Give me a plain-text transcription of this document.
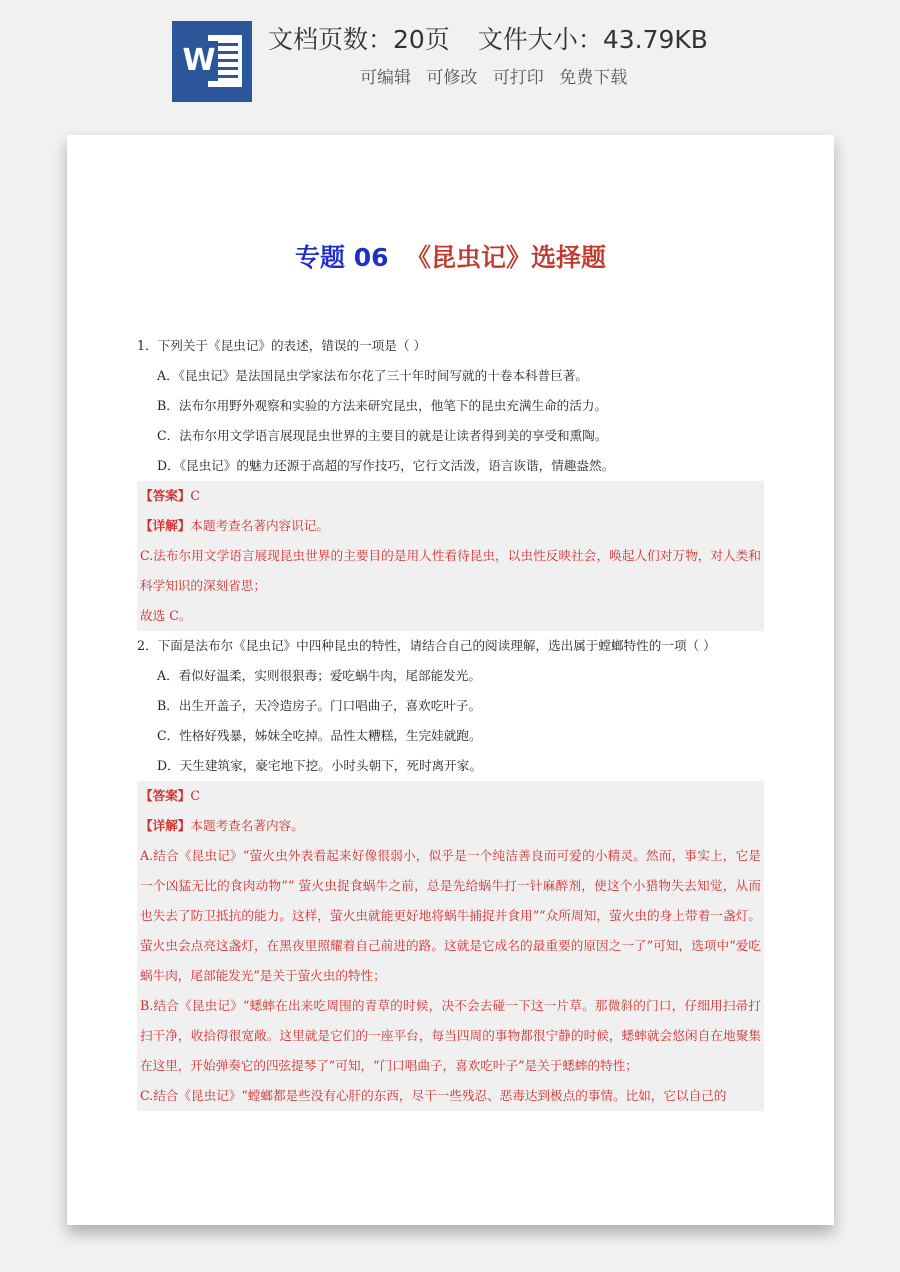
W
文档页数：20页 文件大小：43.79KB
可编辑 可修改 可打印 免费下载
专题 06 《昆虫记》选择题
1．下列关于《昆虫记》的表述，错误的一项是（ ）
A．《昆虫记》是法国昆虫学家法布尔花了三十年时间写就的十卷本科普巨著。
B．法布尔用野外观察和实验的方法来研究昆虫，他笔下的昆虫充满生命的活力。
C．法布尔用文学语言展现昆虫世界的主要目的就是让读者得到美的享受和熏陶。
D．《昆虫记》的魅力还源于高超的写作技巧，它行文活泼，语言诙谐，情趣盎然。
【答案】C
【详解】本题考查名著内容识记。
C.法布尔用文学语言展现昆虫世界的主要目的是用人性看待昆虫，以虫性反映社会，唤起人们对万物，对人类和科学知识的深刻省思；
故选 C。
2．下面是法布尔《昆虫记》中四种昆虫的特性，请结合自己的阅读理解，选出属于螳螂特性的一项（ ）
A．看似好温柔，实则很狠毒；爱吃蜗牛肉，尾部能发光。
B．出生开盖子，天冷造房子。门口唱曲子，喜欢吃叶子。
C．性格好残暴，姊妹全吃掉。品性太糟糕，生完娃就跑。
D．天生建筑家，豪宅地下挖。小时头朝下，死时离开家。
【答案】C
【详解】本题考查名著内容。
A.结合《昆虫记》“萤火虫外表看起来好像很弱小，似乎是一个纯洁善良而可爱的小精灵。然而，事实上，它是一个凶猛无比的食肉动物”“ 萤火虫捉食蜗牛之前，总是先给蜗牛打一针麻醉剂，使这个小猎物失去知觉，从而也失去了防卫抵抗的能力。这样，萤火虫就能更好地将蜗牛捕捉并食用”“众所周知，萤火虫的身上带着一盏灯。萤火虫会点亮这盏灯，在黑夜里照耀着自己前进的路。这就是它成名的最重要的原因之一了”可知，选项中“爱吃蜗牛肉，尾部能发光”是关于萤火虫的特性；
B.结合《昆虫记》“蟋蟀在出来吃周围的青草的时候，决不会去碰一下这一片草。那微斜的门口，仔细用扫帚打扫干净，收拾得很宽敞。这里就是它们的一座平台，每当四周的事物都很宁静的时候，蟋蟀就会悠闲自在地聚集在这里，开始弹奏它的四弦提琴了”可知，“门口唱曲子，喜欢吃叶子”是关于蟋蟀的特性；
C.结合《昆虫记》“螳螂都是些没有心肝的东西，尽干一些残忍、恶毒达到极点的事情。比如，它以自己的
